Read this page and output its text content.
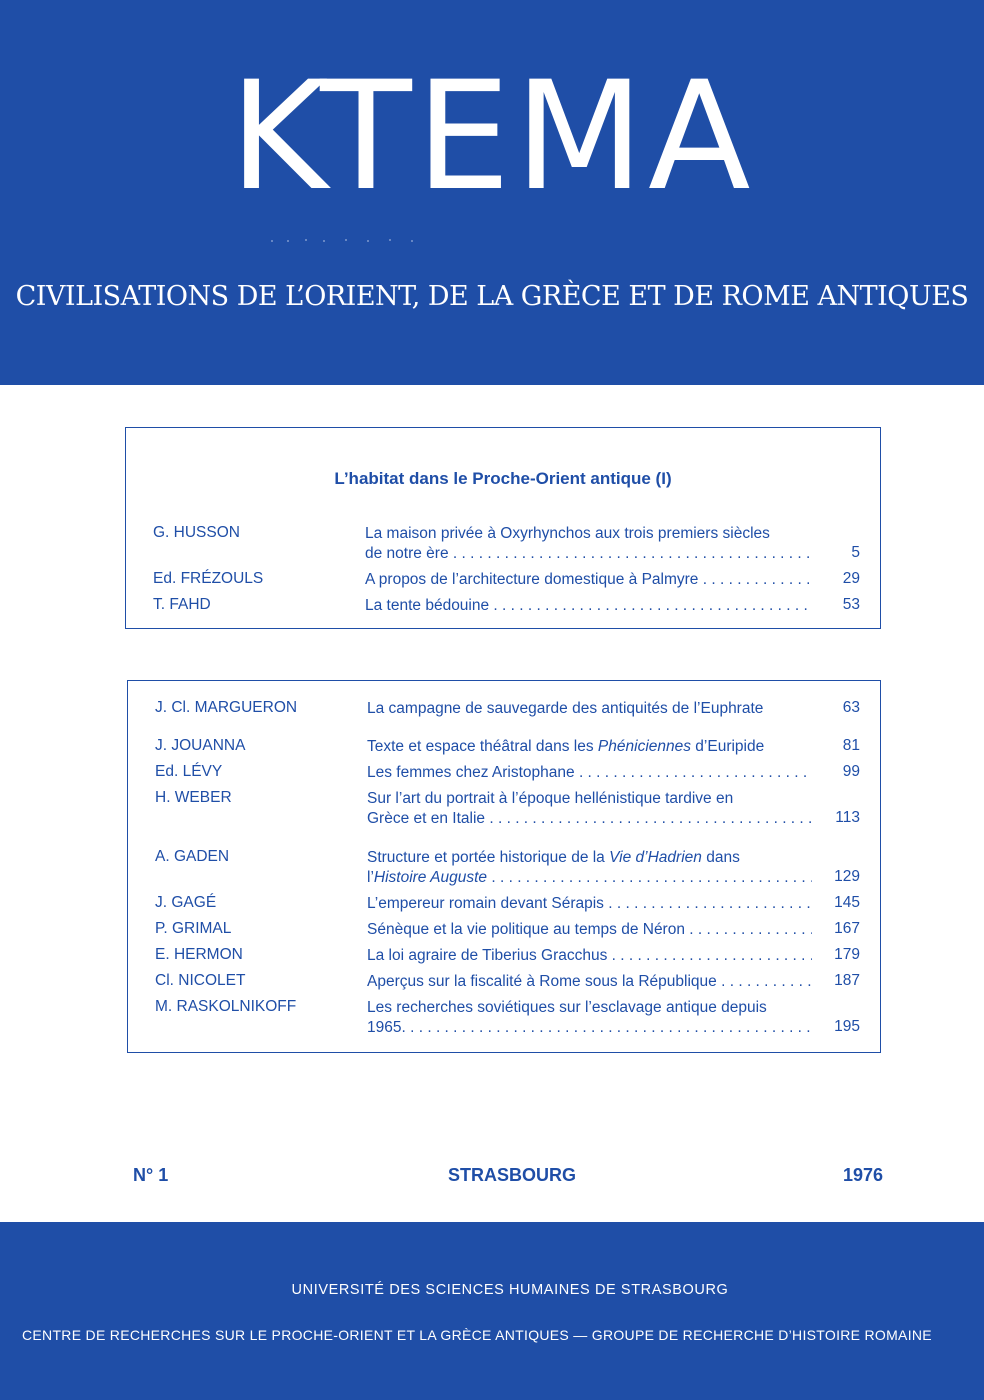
KTEMA
CIVILISATIONS DE L’ORIENT, DE LA GRÈCE ET DE ROME ANTIQUES
L’habitat dans le Proche-Orient antique (I)
G. HUSSON	La maison privée à Oxyrhynchos aux trois premiers siècles
de notre ère . . .	5
Ed. FRÉZOULS	A propos de l’architecture domestique à Palmyre . . .	29
T. FAHD	La tente bédouine . . .	53
J. Cl. MARGUERON	La campagne de sauvegarde des antiquités de l’Euphrate	63
J. JOUANNA	Texte et espace théâtral dans les Phéniciennes d’Euripide	81
Ed. LÉVY	Les femmes chez Aristophane . . .	99
H. WEBER	Sur l’art du portrait à l’époque hellénistique tardive en
Grèce et en Italie . . .	113
A. GADEN	Structure et portée historique de la Vie d’Hadrien dans
l’Histoire Auguste . . .	129
J. GAGÉ	L’empereur romain devant Sérapis . . .	145
P. GRIMAL	Sénèque et la vie politique au temps de Néron . . .	167
E. HERMON	La loi agraire de Tiberius Gracchus . . .	179
Cl. NICOLET	Aperçus sur la fiscalité à Rome sous la République . . .	187
M. RASKOLNIKOFF	Les recherches soviétiques sur l’esclavage antique depuis
1965. . . .	195
N° 1	STRASBOURG	1976
UNIVERSITÉ DES SCIENCES HUMAINES DE STRASBOURG
CENTRE DE RECHERCHES SUR LE PROCHE-ORIENT ET LA GRÈCE ANTIQUES — GROUPE DE RECHERCHE D’HISTOIRE ROMAINE
